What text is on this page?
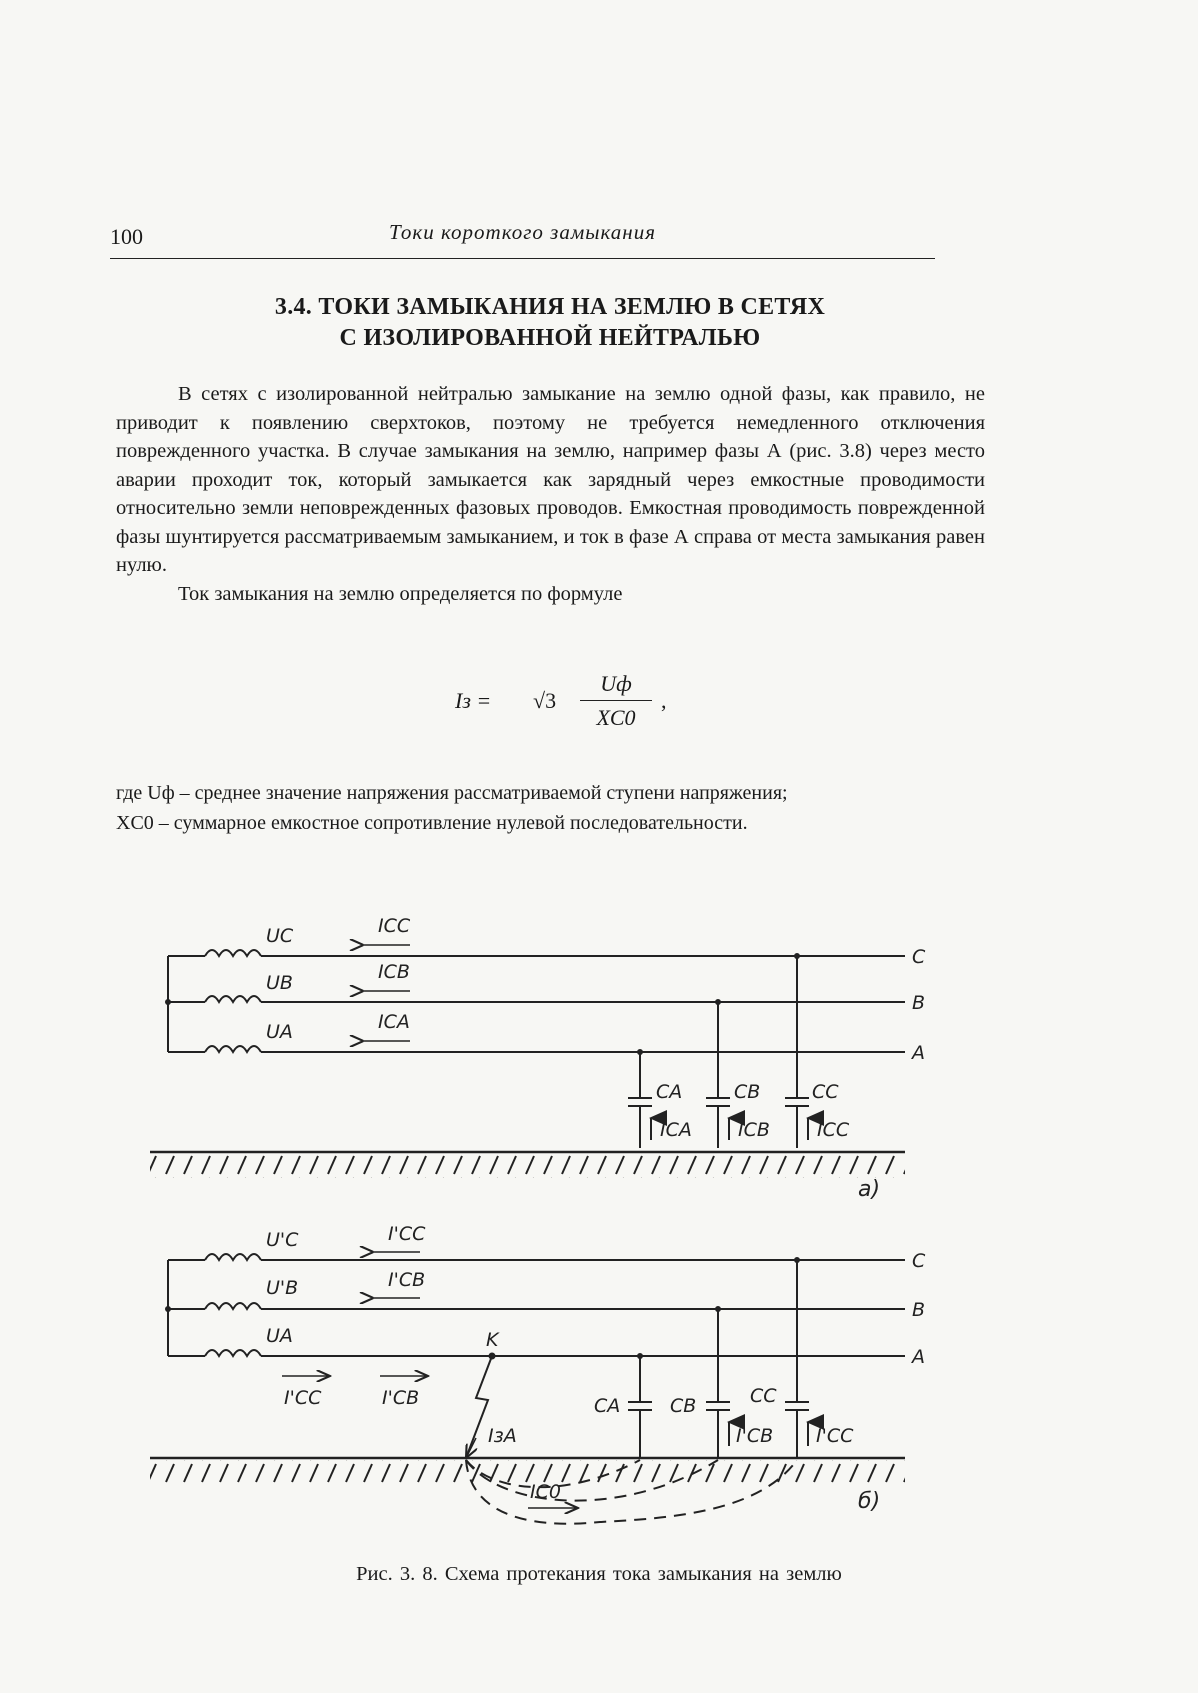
100	Токи короткого замыкания
3.4. ТОКИ ЗАМЫКАНИЯ НА ЗЕМЛЮ В СЕТЯХ
С ИЗОЛИРОВАННОЙ НЕЙТРАЛЬЮ

В сетях с изолированной нейтралью замыкание на землю одной фазы, как правило, не приводит к появлению сверхтоков, поэтому не требуется немедленного отключения поврежденного участка. В случае замыкания на землю, например фазы А (рис. 3.8) через место аварии проходит ток, который замыкается как зарядный через емкостные проводимости относительно земли неповрежденных фазовых проводов. Емкостная проводимость поврежденной фазы шунтируется рассматриваемым замыканием, и ток в фазе А справа от места замыкания равен нулю.

Ток замыкания на землю определяется по формуле

Iз = √3
Uф
XC0
,

где Uф – среднее значение напряжения рассматриваемой ступени напряжения;

XC0 – суммарное емкостное сопротивление нулевой последовательности.

UC
UB
UA
ICC
ICB
ICA
C
B
A
CA	CB	CC
ICA ICB ICC
а)
U'C
U'B
UA
I'CC
I'CB
I'CC	I'CB
C
B
A
K
IзA
CA	CB	CC
I'CB I'CC
IC0	б)
Рис. 3. 8. Схема протекания тока замыкания на землю
